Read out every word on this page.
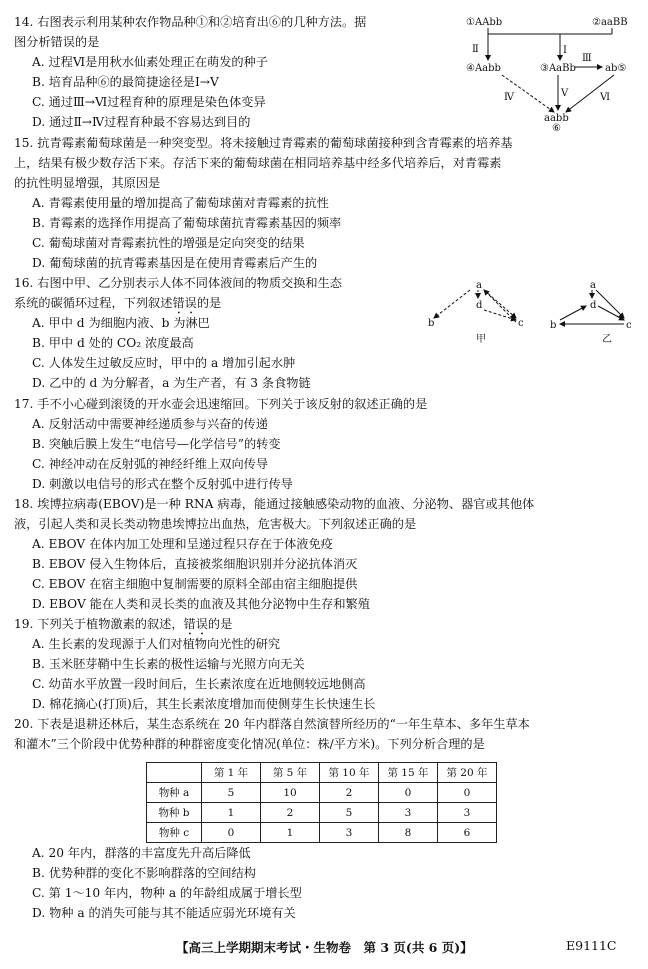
14. 右图表示利用某种农作物品种①和②培育出⑥的几种方法。据
图分析错误的是
A. 过程Ⅵ是用秋水仙素处理正在萌发的种子
B. 培育品种⑥的最简捷途径是Ⅰ→Ⅴ
C. 通过Ⅲ→Ⅵ过程育种的原理是染色体变异
D. 通过Ⅱ→Ⅳ过程育种最不容易达到目的
①AAbb	②aaBB
Ⅰ
Ⅱ
④Aabb	③AaBb
Ⅲ
ab⑤
Ⅳ	Ⅴ	Ⅵ
aabb
⑥
15. 抗青霉素葡萄球菌是一种突变型。将未接触过青霉素的葡萄球菌接种到含青霉素的培养基
上，结果有极少数存活下来。存活下来的葡萄球菌在相同培养基中经多代培养后，对青霉素
的抗性明显增强，其原因是
A. 青霉素使用量的增加提高了葡萄球菌对青霉素的抗性
B. 青霉素的选择作用提高了葡萄球菌抗青霉素基因的频率
C. 葡萄球菌对青霉素抗性的增强是定向突变的结果
D. 葡萄球菌的抗青霉素基因是在使用青霉素后产生的
16. 右图中甲、乙分别表示人体不同体液间的物质交换和生态
系统的碳循环过程，下列叙述错误的是
A. 甲中 d 为细胞内液、b 为淋巴
B. 甲中 d 处的 CO₂ 浓度最高
C. 人体发生过敏反应时，甲中的 a 增加引起水肿
D. 乙中的 d 为分解者，a 为生产者，有 3 条食物链
a
d
b	c
甲
a
d
b	c
乙
17. 手不小心碰到滚烫的开水壶会迅速缩回。下列关于该反射的叙述正确的是
A. 反射活动中需要神经递质参与兴奋的传递
B. 突触后膜上发生“电信号—化学信号”的转变
C. 神经冲动在反射弧的神经纤维上双向传导
D. 刺激以电信号的形式在整个反射弧中进行传导
18. 埃博拉病毒(EBOV)是一种 RNA 病毒，能通过接触感染动物的血液、分泌物、器官或其他体
液，引起人类和灵长类动物患埃博拉出血热，危害极大。下列叙述正确的是
A. EBOV 在体内加工处理和呈递过程只存在于体液免疫
B. EBOV 侵入生物体后，直接被浆细胞识别并分泌抗体消灭
C. EBOV 在宿主细胞中复制需要的原料全部由宿主细胞提供
D. EBOV 能在人类和灵长类的血液及其他分泌物中生存和繁殖
19. 下列关于植物激素的叙述，错误的是
A. 生长素的发现源于人们对植物向光性的研究
B. 玉米胚芽鞘中生长素的极性运输与光照方向无关
C. 幼苗水平放置一段时间后，生长素浓度在近地侧较远地侧高
D. 棉花摘心(打顶)后，其生长素浓度增加而使侧芽生长快速生长
20. 下表是退耕还林后，某生态系统在 20 年内群落自然演替所经历的“一年生草本、多年生草本
和灌木”三个阶段中优势种群的种群密度变化情况(单位：株/平方米)。下列分析合理的是
	第 1 年	第 5 年	第 10 年	第 15 年	第 20 年
物种 a	5	10	2	0	0
物种 b	1	2	5	3	3
物种 c	0	1	3	8	6
A. 20 年内，群落的丰富度先升高后降低
B. 优势种群的变化不影响群落的空间结构
C. 第 1～10 年内，物种 a 的年龄组成属于增长型
D. 物种 a 的消失可能与其不能适应弱光环境有关
【高三上学期期末考试・生物卷　第 3 页(共 6 页)】	E9111C
